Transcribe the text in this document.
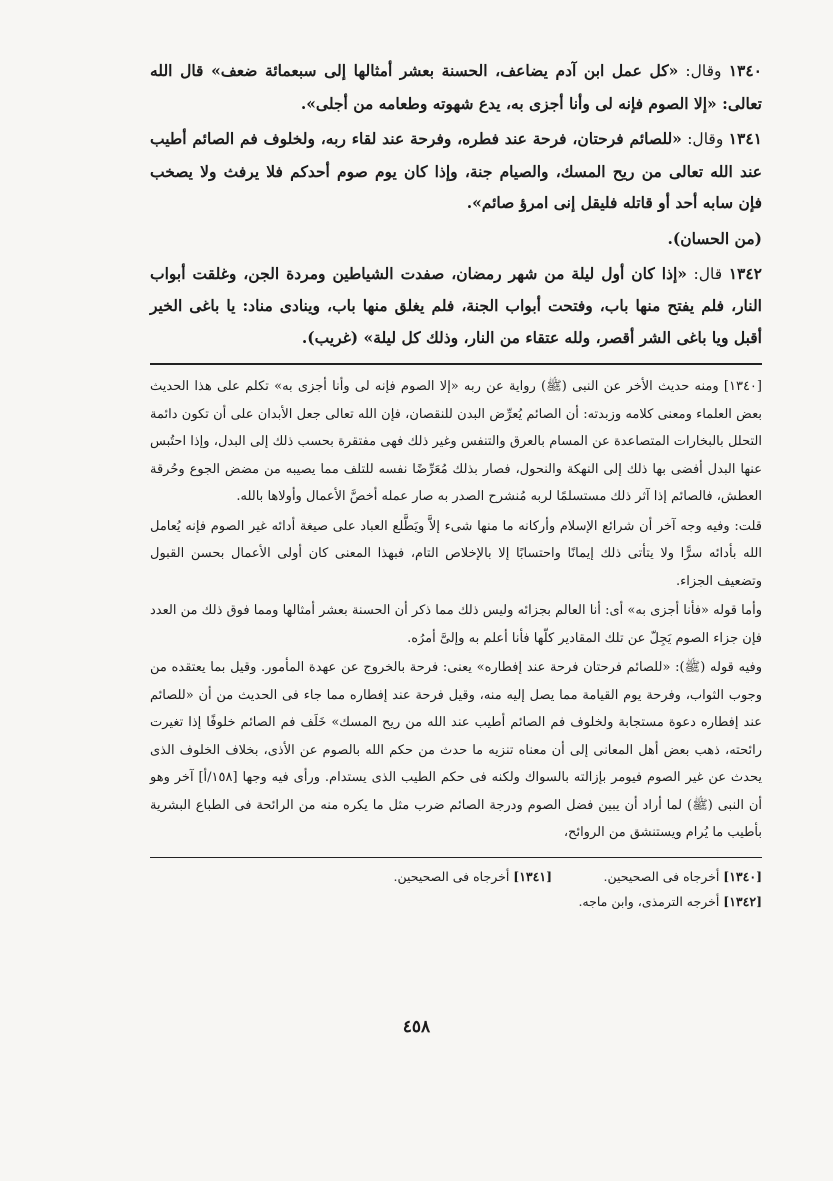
١٣٤٠ وقال: «كل عمل ابن آدم يضاعف، الحسنة بعشر أمثالها إلى سبعمائة ضعف» قال الله تعالى: «إلا الصوم فإنه لى وأنا أجزى به، يدع شهوته وطعامه من أجلى».

١٣٤١ وقال: «للصائم فرحتان، فرحة عند فطره، وفرحة عند لقاء ربه، ولخلوف فم الصائم أطيب عند الله تعالى من ريح المسك، والصيام جنة، وإذا كان يوم صوم أحدكم فلا يرفث ولا يصخب فإن سابه أحد أو قاتله فليقل إنى امرؤ صائم».

(من الحسان).

١٣٤٢ قال: «إذا كان أول ليلة من شهر رمضان، صفدت الشياطين ومردة الجن، وغلقت أبواب النار، فلم يفتح منها باب، وفتحت أبواب الجنة، فلم يغلق منها باب، وينادى مناد: يا باغى الخير أقبل ويا باغى الشر أقصر، ولله عتقاء من النار، وذلك كل ليلة» (غريب).

[١٣٤٠] ومنه حديث الأخر عن النبى (ﷺ) رواية عن ربه «إلا الصوم فإنه لى وأنا أجزى به» تكلم على هذا الحديث بعض العلماء ومعنى كلامه وزبدته: أن الصائم يُعرِّض البدن للنقصان، فإن الله تعالى جعل الأبدان على أن تكون دائمة التحلل بالبخارات المتصاعدة عن المسام بالعرق والتنفس وغير ذلك فهى مفتقرة بحسب ذلك إلى البدل، وإذا احتُبس عنها البدل أفضى بها ذلك إلى النهكة والنحول، فصار بذلك مُعَرِّضًا نفسه للتلف مما يصيبه من مضض الجوع وحُرقة العطش، فالصائم إذا آثر ذلك مستسلمًا لربه مُنشرح الصدر به صار عمله أخصَّ الأعمال وأولاها بالله.

قلت: وفيه وجه آخر أن شرائع الإسلام وأركانه ما منها شىء إلاَّ ويَطَّلع العباد على صيغة أدائه غير الصوم فإنه يُعامل الله بأدائه سرًّا ولا يتأتى ذلك إيمانًا واحتسابًا إلا بالإخلاص التام، فبهذا المعنى كان أولى الأعمال بحسن القبول وتضعيف الجزاء.

وأما قوله «فأنا أجزى به» أى: أنا العالم بجزائه وليس ذلك مما ذكر أن الحسنة بعشر أمثالها ومما فوق ذلك من العدد فإن جزاء الصوم يَجِلّ عن تلك المقادير كلّها فأنا أعلم به وإلىَّ أمرُه.

وفيه قوله (ﷺ): «للصائم فرحتان فرحة عند إفطاره» يعنى: فرحة بالخروج عن عهدة المأمور. وقيل بما يعتقده من وجوب الثواب، وفرحة يوم القيامة مما يصل إليه منه، وقيل فرحة عند إفطاره مما جاء فى الحديث من أن «للصائم عند إفطاره دعوة مستجابة ولخلوف فم الصائم أطيب عند الله من ريح المسك» خَلَف فم الصائم خلوفًا إذا تغيرت رائحته، ذهب بعض أهل المعانى إلى أن معناه تنزيه ما حدث من حكم الله بالصوم عن الأذى، بخلاف الخلوف الذى يحدث عن غير الصوم فيومر بإزالته بالسواك ولكنه فى حكم الطيب الذى يستدام. ورأى فيه وجها [١٥٨/أ] آخر وهو أن النبى (ﷺ) لما أراد أن يبين فضل الصوم ودرجة الصائم ضرب مثل ما يكره منه من الرائحة فى الطباع البشرية بأطيب ما يُرام ويستنشق من الروائح،

[١٣٤٠] أخرجاه فى الصحيحين.
[١٣٤١] أخرجاه فى الصحيحين.
[١٣٤٢] أخرجه الترمذى، وابن ماجه.
٤٥٨
